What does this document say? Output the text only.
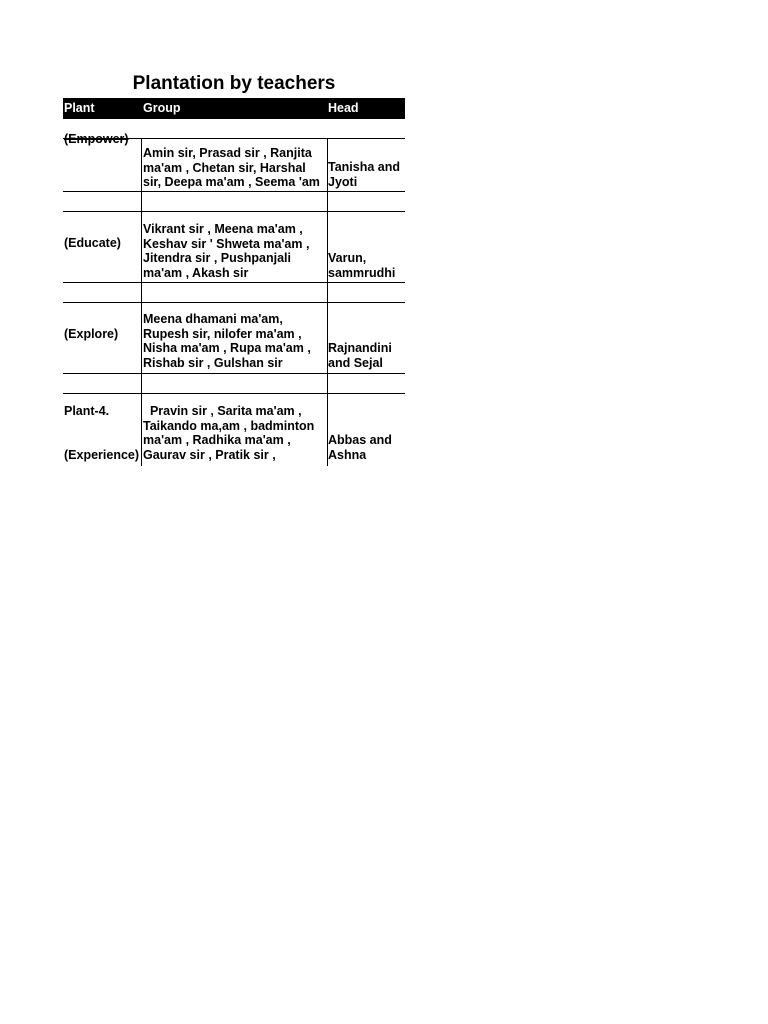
Plantation by teachers
Plant	Group	Head
(Empower)
Amin sir, Prasad sir , Ranjita ma'am , Chetan sir, Harshal sir, Deepa ma'am , Seema 'am
Tanisha and Jyoti
(Educate)
Vikrant sir , Meena ma'am , Keshav sir ' Shweta ma'am , Jitendra sir , Pushpanjali ma'am , Akash sir
Varun, sammrudhi
(Explore)
Meena dhamani ma'am, Rupesh sir, nilofer ma'am , Nisha ma'am , Rupa ma'am , Rishab sir , Gulshan sir
Rajnandini and Sejal
Plant-4.
(Experience)
Pravin sir , Sarita ma'am , Taikando ma,am , badminton ma'am , Radhika ma'am , Gaurav sir , Pratik sir ,
Abbas and Ashna
